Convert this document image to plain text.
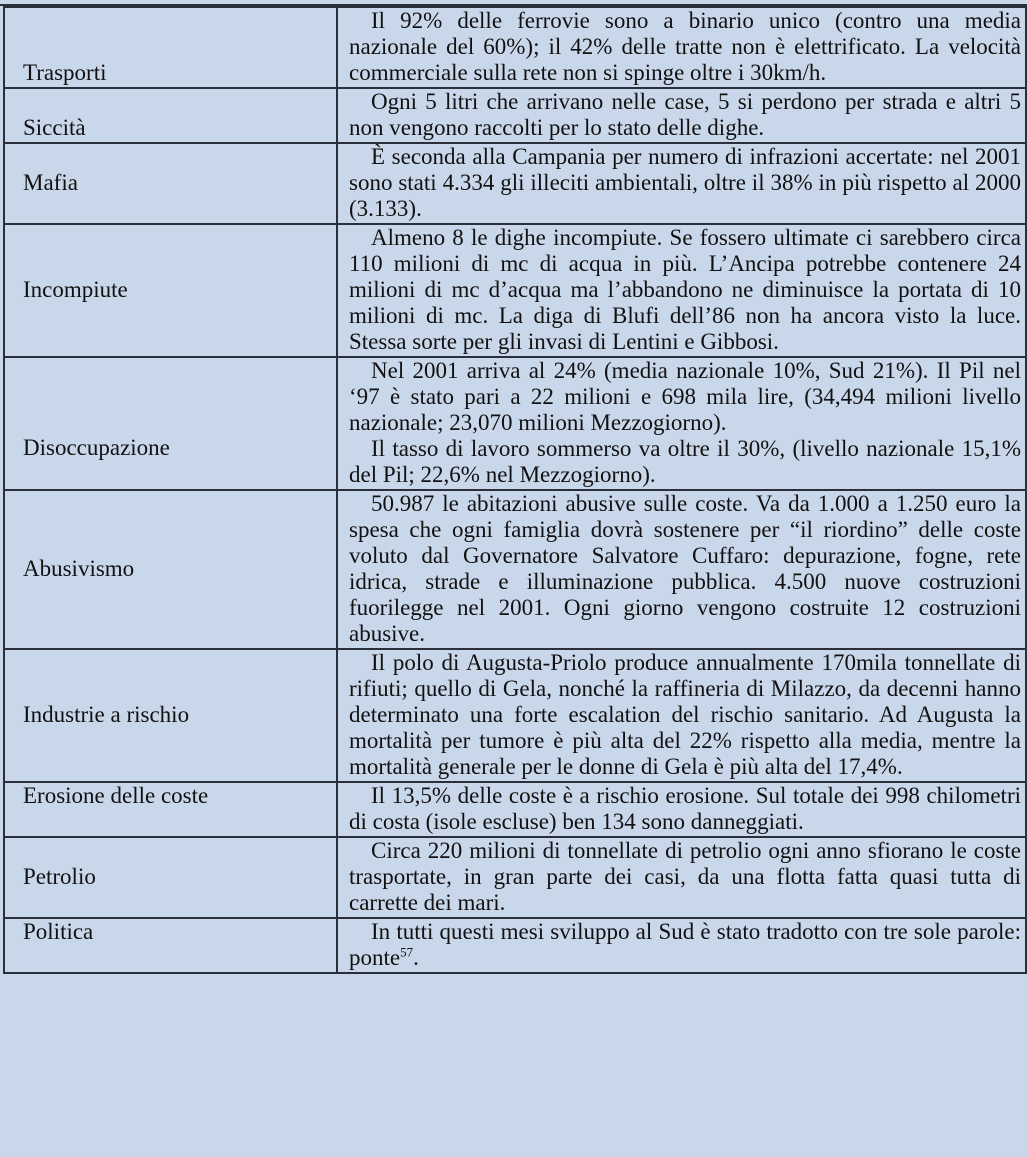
Trasporti	Il 92% delle ferrovie sono a binario unico (contro una media nazionale del 60%); il 42% delle tratte non è elettrificato. La velocità commerciale sulla rete non si spinge oltre i 30km/h.

Siccità	Ogni 5 litri che arrivano nelle case, 5 si perdono per strada e altri 5 non vengono raccolti per lo stato delle dighe.

Mafia	È seconda alla Campania per numero di infrazioni accertate: nel 2001 sono stati 4.334 gli illeciti ambientali, oltre il 38% in più rispetto al 2000 (3.133).

Incompiute	Almeno 8 le dighe incompiute. Se fossero ultimate ci sarebbero circa 110 milioni di mc di acqua in più. L’Ancipa potrebbe contenere 24 milioni di mc d’acqua ma l’abbandono ne diminuisce la portata di 10 milioni di mc. La diga di Blufi dell’86 non ha ancora visto la luce. Stessa sorte per gli invasi di Lentini e Gibbosi.

Disoccupazione	Nel 2001 arriva al 24% (media nazionale 10%, Sud 21%). Il Pil nel ‘97 è stato pari a 22 milioni e 698 mila lire, (34,494 milioni livello nazionale; 23,070 milioni Mezzogiorno).

Il tasso di lavoro sommerso va oltre il 30%, (livello nazionale 15,1% del Pil; 22,6% nel Mezzogiorno).

Abusivismo	50.987 le abitazioni abusive sulle coste. Va da 1.000 a 1.250 euro la spesa che ogni famiglia dovrà sostenere per “il riordino” delle coste voluto dal Governatore Salvatore Cuffaro: depurazione, fogne, rete idrica, strade e illuminazione pubblica. 4.500 nuove costruzioni fuorilegge nel 2001. Ogni giorno vengono costruite 12 costruzioni abusive.

Industrie a rischio	Il polo di Augusta-Priolo produce annualmente 170mila tonnellate di rifiuti; quello di Gela, nonché la raffineria di Milazzo, da decenni hanno determinato una forte escalation del rischio sanitario. Ad Augusta la mortalità per tumore è più alta del 22% rispetto alla media, mentre la mortalità generale per le donne di Gela è più alta del 17,4%.

Erosione delle coste	Il 13,5% delle coste è a rischio erosione. Sul totale dei 998 chilometri di costa (isole escluse) ben 134 sono danneggiati.

Petrolio	Circa 220 milioni di tonnellate di petrolio ogni anno sfiorano le coste trasportate, in gran parte dei casi, da una flotta fatta quasi tutta di carrette dei mari.

Politica	In tutti questi mesi sviluppo al Sud è stato tradotto con tre sole parole: ponte$^{57}$.
